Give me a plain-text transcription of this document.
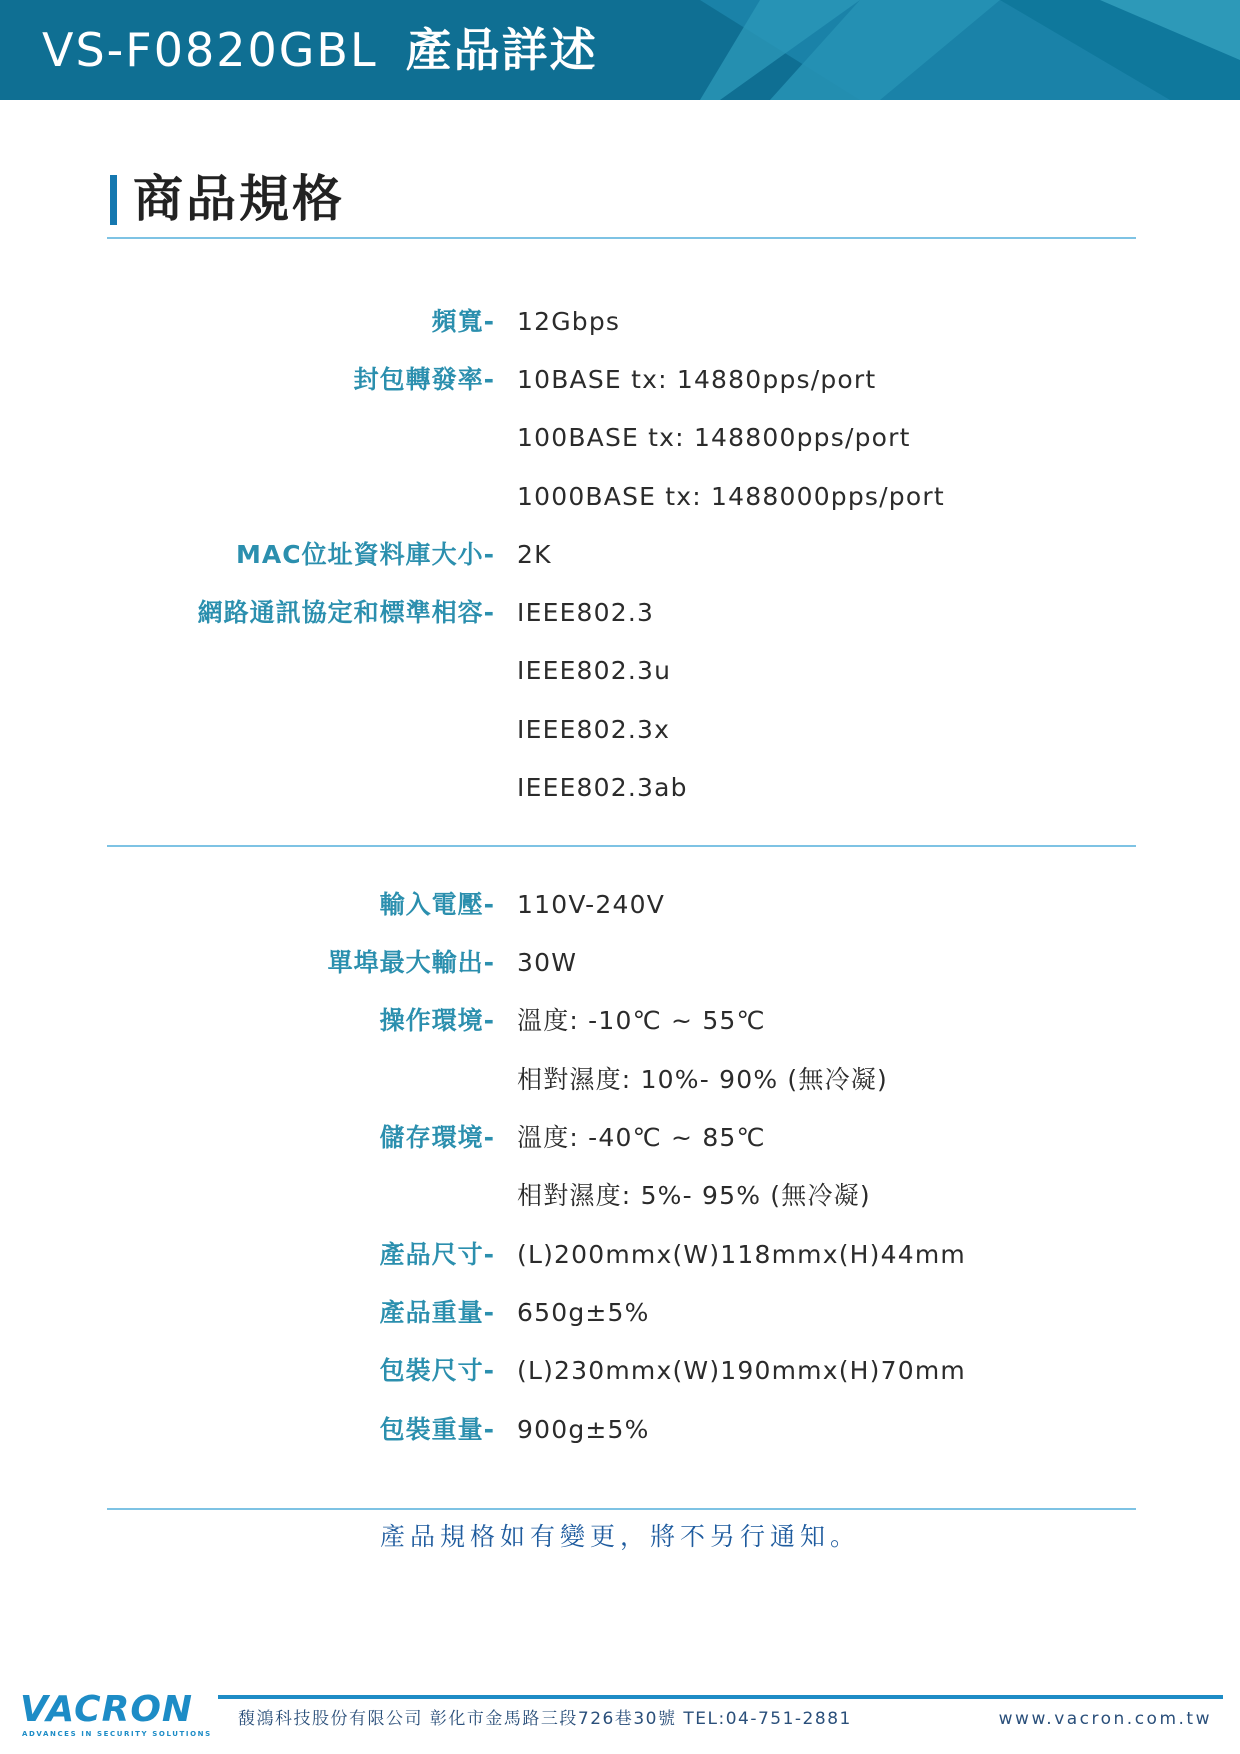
VS-F0820GBL 產品詳述
商品規格
頻寬- 12Gbps
封包轉發率- 10BASE tx: 14880pps/port
100BASE tx: 148800pps/port
1000BASE tx: 1488000pps/port
MAC位址資料庫大小- 2K
網路通訊協定和標準相容- IEEE802.3
IEEE802.3u
IEEE802.3x
IEEE802.3ab
輸入電壓- 110V-240V
單埠最大輸出- 30W
操作環境- 溫度: -10℃ ~ 55℃
相對濕度: 10%- 90% (無冷凝)
儲存環境- 溫度: -40℃ ~ 85℃
相對濕度: 5%- 95% (無冷凝)
產品尺寸- (L)200mmx(W)118mmx(H)44mm
產品重量- 650g±5%
包裝尺寸- (L)230mmx(W)190mmx(H)70mm
包裝重量- 900g±5%
產品規格如有變更，將不另行通知。
VACRON
ADVANCES IN SECURITY SOLUTIONS
馥鴻科技股份有限公司 彰化市金馬路三段726巷30號 TEL:04-751-2881	www.vacron.com.tw
